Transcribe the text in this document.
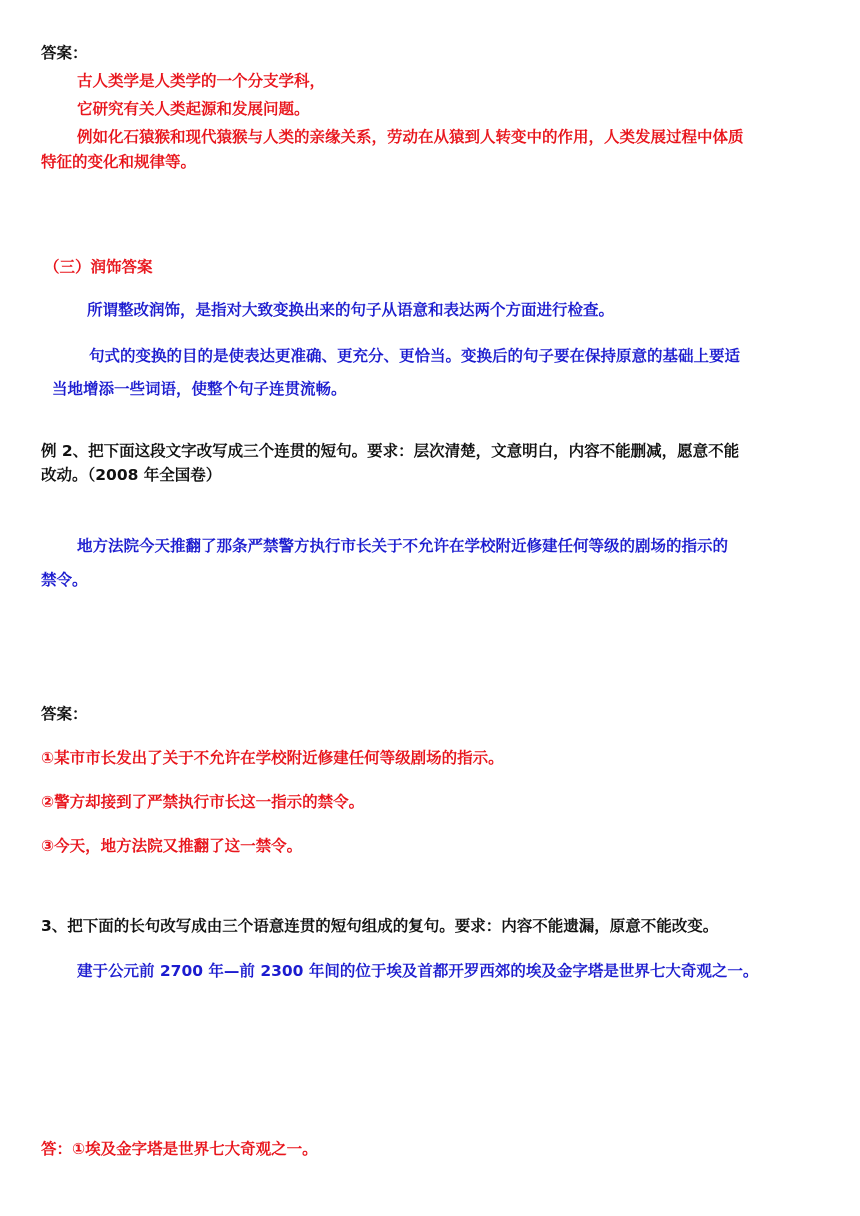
答案：
古人类学是人类学的一个分支学科，
它研究有关人类起源和发展问题。
例如化石猿猴和现代猿猴与人类的亲缘关系，劳动在从猿到人转变中的作用，人类发展过程中体质
特征的变化和规律等。
（三）润饰答案
所谓整改润饰，是指对大致变换出来的句子从语意和表达两个方面进行检查。
句式的变换的目的是使表达更准确、更充分、更恰当。变换后的句子要在保持原意的基础上要适
当地增添一些词语，使整个句子连贯流畅。
例 2、把下面这段文字改写成三个连贯的短句。要求：层次清楚，文意明白，内容不能删减，愿意不能
改动。（2008 年全国卷）
地方法院今天推翻了那条严禁警方执行市长关于不允许在学校附近修建任何等级的剧场的指示的
禁令。
答案：
①某市市长发出了关于不允许在学校附近修建任何等级剧场的指示。
②警方却接到了严禁执行市长这一指示的禁令。
③今天，地方法院又推翻了这一禁令。
3、把下面的长句改写成由三个语意连贯的短句组成的复句。要求：内容不能遗漏，原意不能改变。
建于公元前 2700 年—前 2300 年间的位于埃及首都开罗西郊的埃及金字塔是世界七大奇观之一。
答：①埃及金字塔是世界七大奇观之一。
